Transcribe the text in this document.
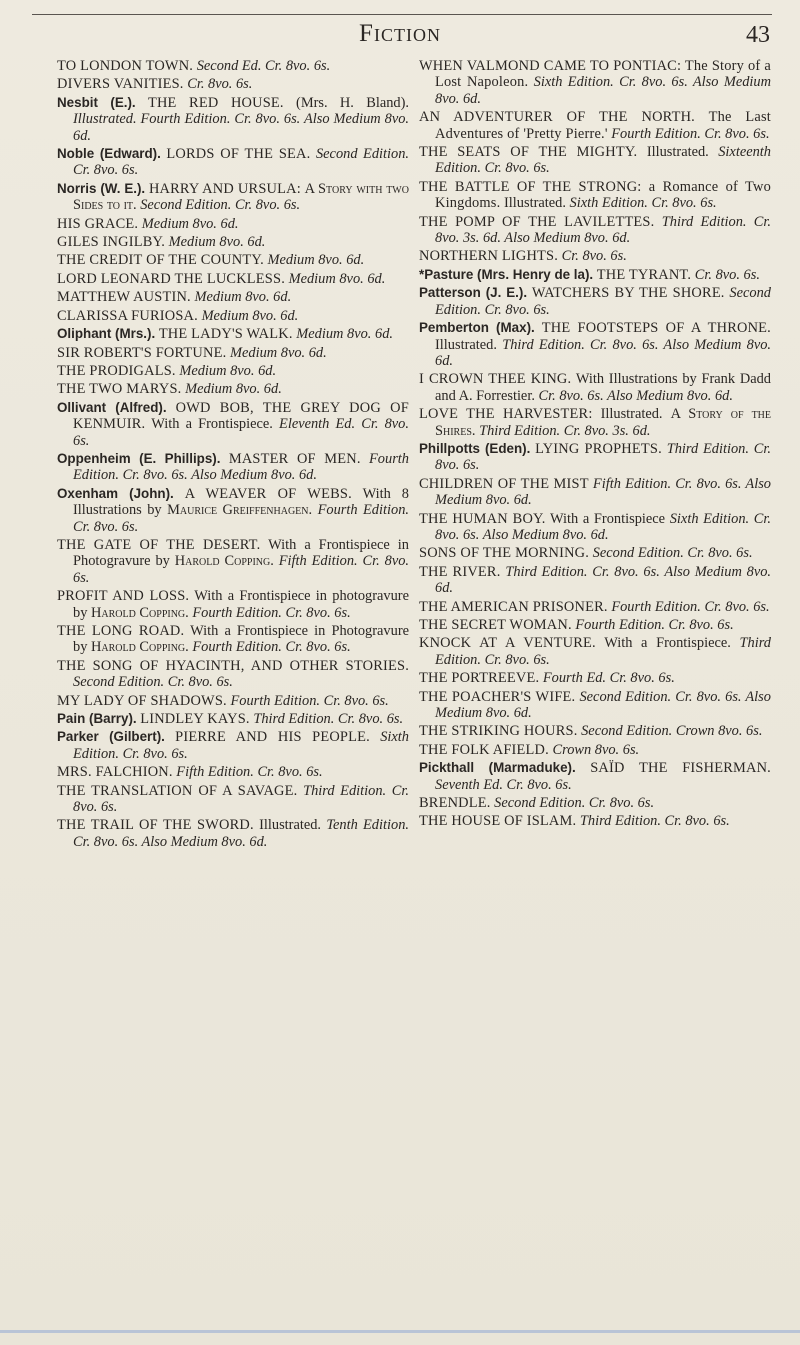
Fiction	43

TO LONDON TOWN. Second Ed. Cr. 8vo. 6s.

DIVERS VANITIES. Cr. 8vo. 6s.

Nesbit (E.). THE RED HOUSE. (Mrs. H. Bland). Illustrated. Fourth Edition. Cr. 8vo. 6s. Also Medium 8vo. 6d.

Noble (Edward). LORDS OF THE SEA. Second Edition. Cr. 8vo. 6s.

Norris (W. E.). HARRY AND URSULA: A Story with two Sides to it. Second Edition. Cr. 8vo. 6s.

HIS GRACE. Medium 8vo. 6d.

GILES INGILBY. Medium 8vo. 6d.

THE CREDIT OF THE COUNTY. Medium 8vo. 6d.

LORD LEONARD THE LUCKLESS. Medium 8vo. 6d.

MATTHEW AUSTIN. Medium 8vo. 6d.

CLARISSA FURIOSA. Medium 8vo. 6d.

Oliphant (Mrs.). THE LADY'S WALK. Medium 8vo. 6d.

SIR ROBERT'S FORTUNE. Medium 8vo. 6d.

THE PRODIGALS. Medium 8vo. 6d.

THE TWO MARYS. Medium 8vo. 6d.

Ollivant (Alfred). OWD BOB, THE GREY DOG OF KENMUIR. With a Frontispiece. Eleventh Ed. Cr. 8vo. 6s.

Oppenheim (E. Phillips). MASTER OF MEN. Fourth Edition. Cr. 8vo. 6s. Also Medium 8vo. 6d.

Oxenham (John). A WEAVER OF WEBS. With 8 Illustrations by Maurice Greiffenhagen. Fourth Edition. Cr. 8vo. 6s.

THE GATE OF THE DESERT. With a Frontispiece in Photogravure by Harold Copping. Fifth Edition. Cr. 8vo. 6s.

PROFIT AND LOSS. With a Frontispiece in photogravure by Harold Copping. Fourth Edition. Cr. 8vo. 6s.

THE LONG ROAD. With a Frontispiece in Photogravure by Harold Copping. Fourth Edition. Cr. 8vo. 6s.

THE SONG OF HYACINTH, AND OTHER STORIES. Second Edition. Cr. 8vo. 6s.

MY LADY OF SHADOWS. Fourth Edition. Cr. 8vo. 6s.

Pain (Barry). LINDLEY KAYS. Third Edition. Cr. 8vo. 6s.

Parker (Gilbert). PIERRE AND HIS PEOPLE. Sixth Edition. Cr. 8vo. 6s.

MRS. FALCHION. Fifth Edition. Cr. 8vo. 6s.

THE TRANSLATION OF A SAVAGE. Third Edition. Cr. 8vo. 6s.

THE TRAIL OF THE SWORD. Illustrated. Tenth Edition. Cr. 8vo. 6s. Also Medium 8vo. 6d.

WHEN VALMOND CAME TO PONTIAC: The Story of a Lost Napoleon. Sixth Edition. Cr. 8vo. 6s. Also Medium 8vo. 6d.

AN ADVENTURER OF THE NORTH. The Last Adventures of 'Pretty Pierre.' Fourth Edition. Cr. 8vo. 6s.

THE SEATS OF THE MIGHTY. Illustrated. Sixteenth Edition. Cr. 8vo. 6s.

THE BATTLE OF THE STRONG: a Romance of Two Kingdoms. Illustrated. Sixth Edition. Cr. 8vo. 6s.

THE POMP OF THE LAVILETTES. Third Edition. Cr. 8vo. 3s. 6d. Also Medium 8vo. 6d.

NORTHERN LIGHTS. Cr. 8vo. 6s.

*Pasture (Mrs. Henry de la). THE TYRANT. Cr. 8vo. 6s.

Patterson (J. E.). WATCHERS BY THE SHORE. Second Edition. Cr. 8vo. 6s.

Pemberton (Max). THE FOOTSTEPS OF A THRONE. Illustrated. Third Edition. Cr. 8vo. 6s. Also Medium 8vo. 6d.

I CROWN THEE KING. With Illustrations by Frank Dadd and A. Forrestier. Cr. 8vo. 6s. Also Medium 8vo. 6d.

LOVE THE HARVESTER: Illustrated. A Story of the Shires. Third Edition. Cr. 8vo. 3s. 6d.

Phillpotts (Eden). LYING PROPHETS. Third Edition. Cr. 8vo. 6s.

CHILDREN OF THE MIST Fifth Edition. Cr. 8vo. 6s. Also Medium 8vo. 6d.

THE HUMAN BOY. With a Frontispiece Sixth Edition. Cr. 8vo. 6s. Also Medium 8vo. 6d.

SONS OF THE MORNING. Second Edition. Cr. 8vo. 6s.

THE RIVER. Third Edition. Cr. 8vo. 6s. Also Medium 8vo. 6d.

THE AMERICAN PRISONER. Fourth Edition. Cr. 8vo. 6s.

THE SECRET WOMAN. Fourth Edition. Cr. 8vo. 6s.

KNOCK AT A VENTURE. With a Frontispiece. Third Edition. Cr. 8vo. 6s.

THE PORTREEVE. Fourth Ed. Cr. 8vo. 6s.

THE POACHER'S WIFE. Second Edition. Cr. 8vo. 6s. Also Medium 8vo. 6d.

THE STRIKING HOURS. Second Edition. Crown 8vo. 6s.

THE FOLK AFIELD. Crown 8vo. 6s.

Pickthall (Marmaduke). SAÏD THE FISHERMAN. Seventh Ed. Cr. 8vo. 6s.

BRENDLE. Second Edition. Cr. 8vo. 6s.

THE HOUSE OF ISLAM. Third Edition. Cr. 8vo. 6s.
